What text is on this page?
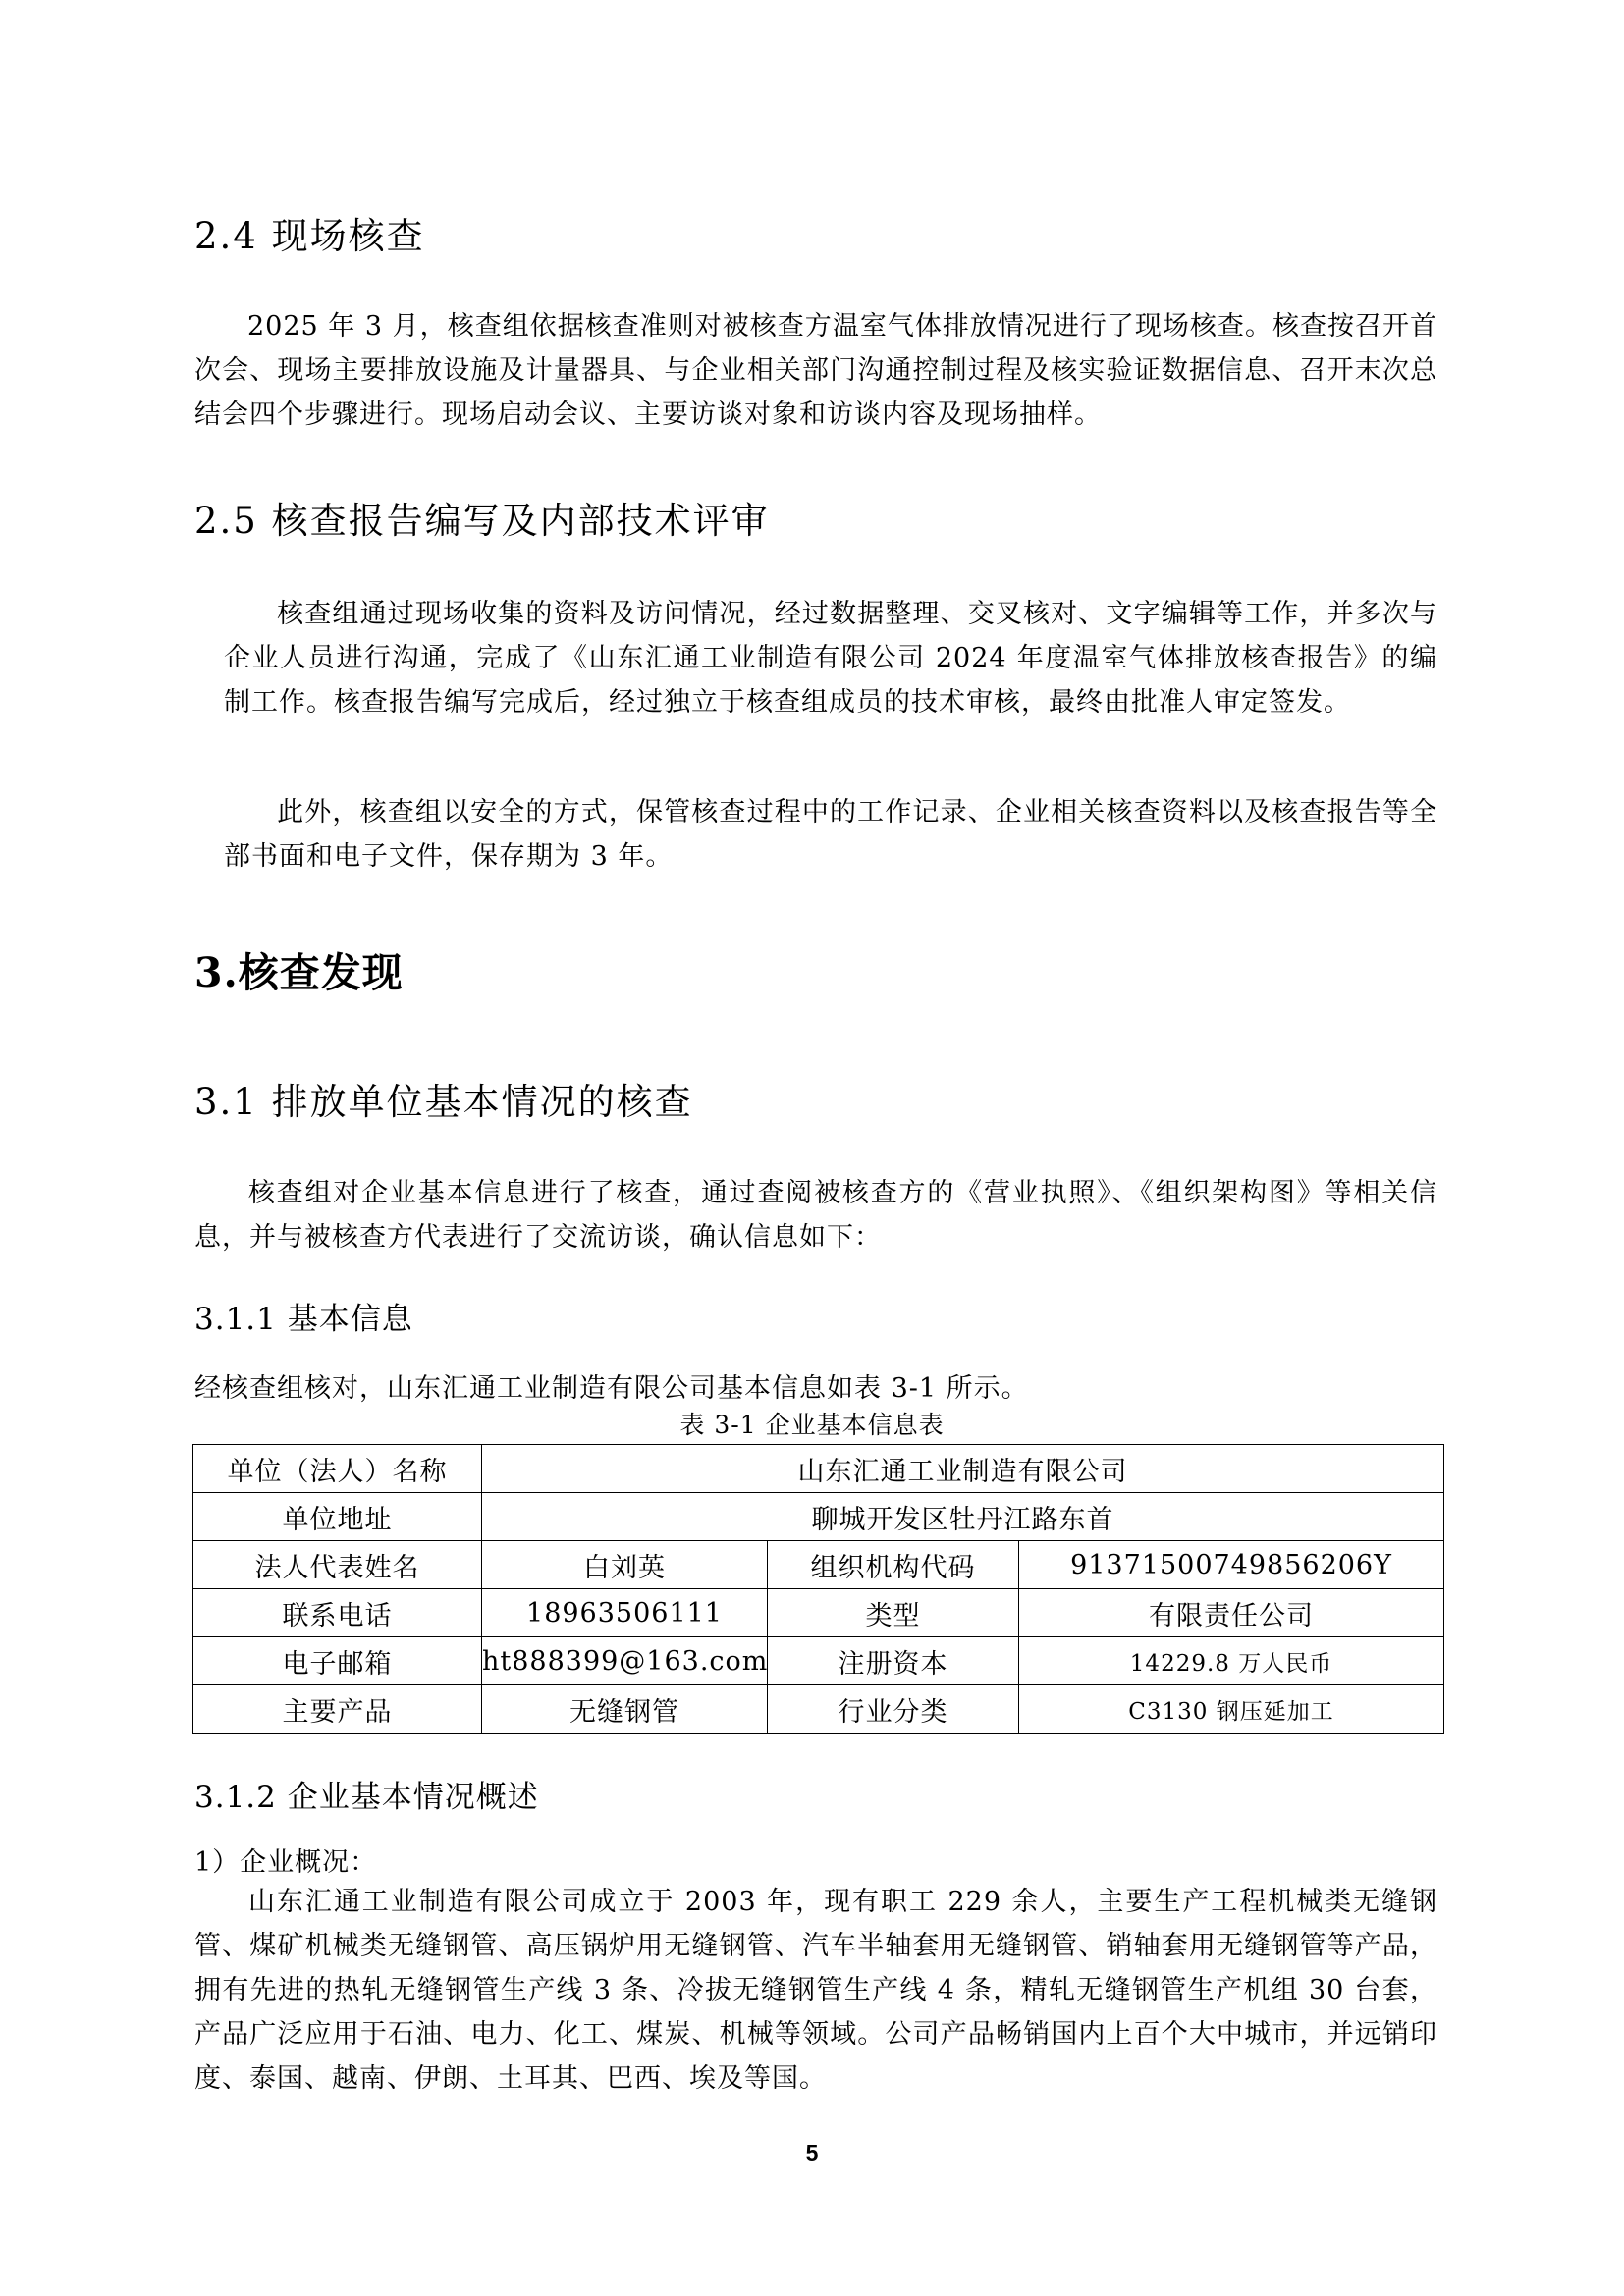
2.4 现场核查
2025 年 3 月，核查组依据核查准则对被核查方温室气体排放情况进行了现场核查。核查按召开首次会、现场主要排放设施及计量器具、与企业相关部门沟通控制过程及核实验证数据信息、召开末次总结会四个步骤进行。现场启动会议、主要访谈对象和访谈内容及现场抽样。
2.5 核查报告编写及内部技术评审
核查组通过现场收集的资料及访问情况，经过数据整理、交叉核对、文字编辑等工作，并多次与企业人员进行沟通，完成了《山东汇通工业制造有限公司 2024 年度温室气体排放核查报告》的编制工作。核查报告编写完成后，经过独立于核查组成员的技术审核，最终由批准人审定签发。
此外，核查组以安全的方式，保管核查过程中的工作记录、企业相关核查资料以及核查报告等全部书面和电子文件，保存期为 3 年。
3.核查发现
3.1 排放单位基本情况的核查
核查组对企业基本信息进行了核查，通过查阅被核查方的《营业执照》、《组织架构图》等相关信息，并与被核查方代表进行了交流访谈，确认信息如下：
3.1.1 基本信息
经核查组核对，山东汇通工业制造有限公司基本信息如表 3-1 所示。
表 3-1 企业基本信息表
单位（法人）名称	山东汇通工业制造有限公司		
单位地址	聊城开发区牡丹江路东首		
法人代表姓名	白刘英	组织机构代码	91371500749856206Y
联系电话	18963506111	类型	有限责任公司
电子邮箱	ht888399@163.com	注册资本	14229.8 万人民币
主要产品	无缝钢管	行业分类	C3130 钢压延加工
3.1.2 企业基本情况概述
1）企业概况：
山东汇通工业制造有限公司成立于 2003 年，现有职工 229 余人，主要生产工程机械类无缝钢管、煤矿机械类无缝钢管、高压锅炉用无缝钢管、汽车半轴套用无缝钢管、销轴套用无缝钢管等产品，拥有先进的热轧无缝钢管生产线 3 条、冷拔无缝钢管生产线 4 条，精轧无缝钢管生产机组 30 台套，产品广泛应用于石油、电力、化工、煤炭、机械等领域。公司产品畅销国内上百个大中城市，并远销印度、泰国、越南、伊朗、土耳其、巴西、埃及等国。
5
